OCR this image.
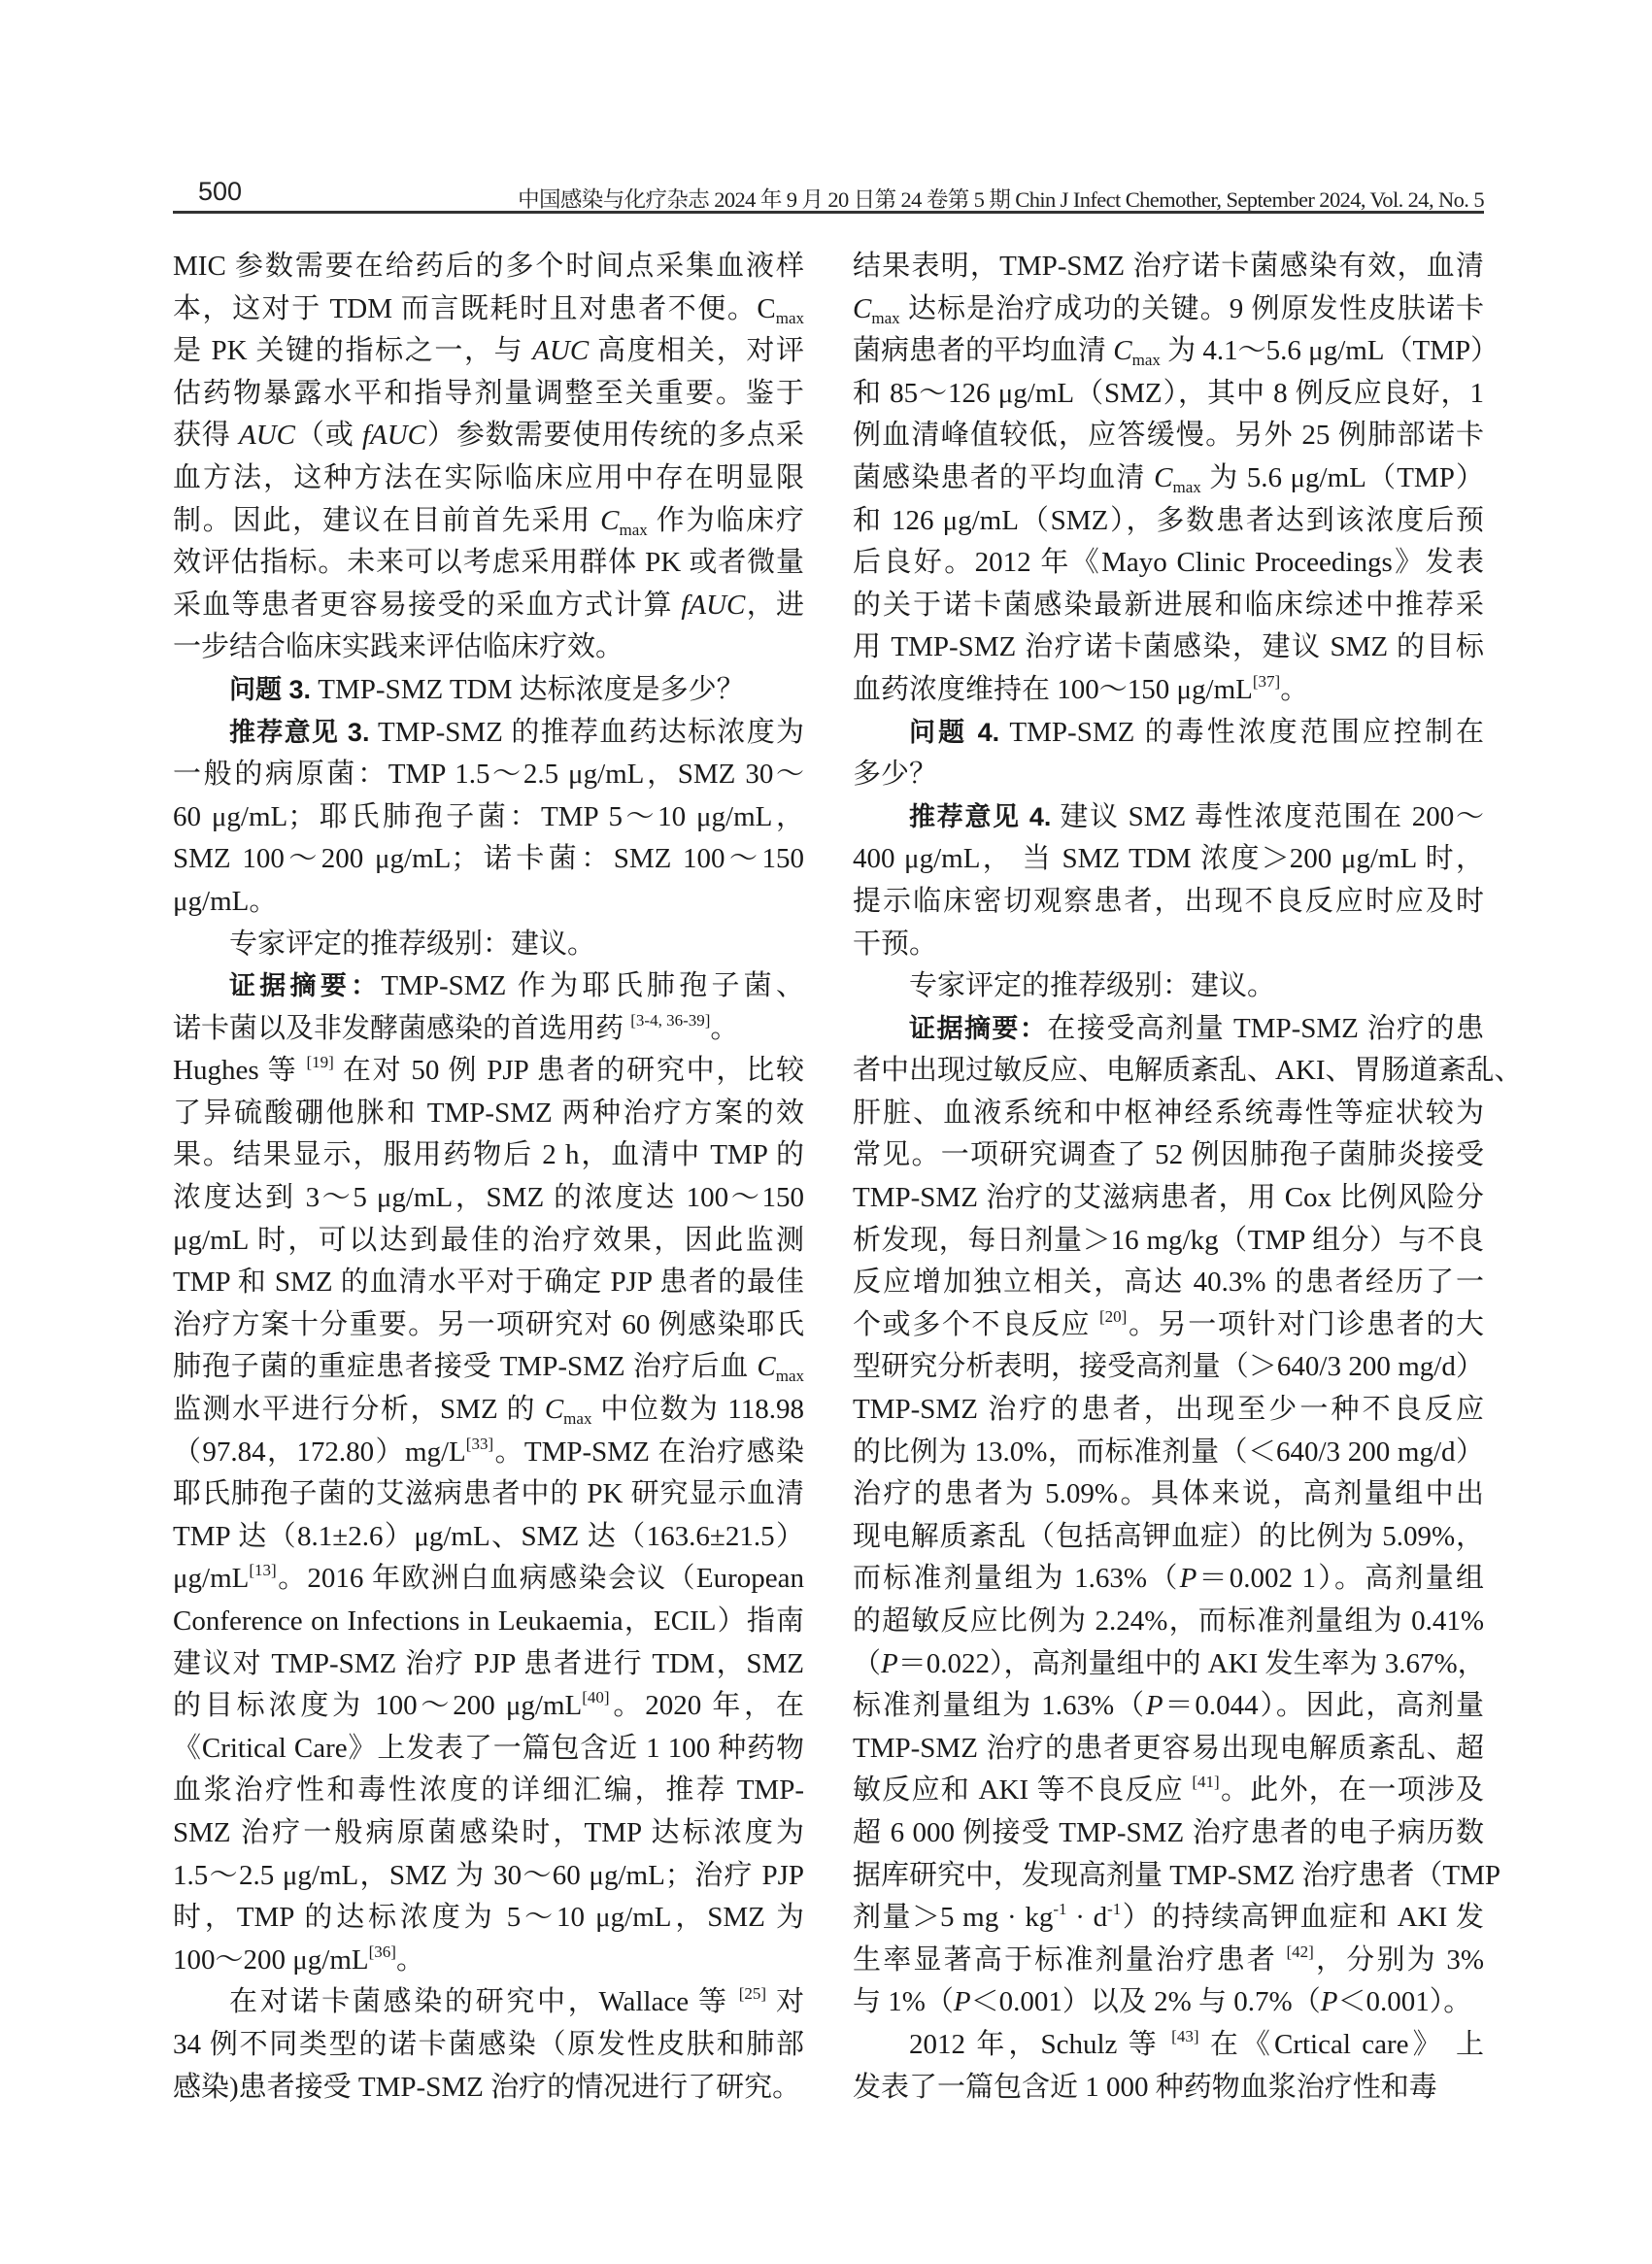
500	中国感染与化疗杂志 2024 年 9 月 20 日第 24 卷第 5 期 Chin J Infect Chemother, September 2024, Vol. 24, No. 5
MIC 参数需要在给药后的多个时间点采集血液样
本，这对于 TDM 而言既耗时且对患者不便。$C_{max}$
是 PK 关键的指标之一，与 AUC 高度相关，对评
估药物暴露水平和指导剂量调整至关重要。鉴于
获得 AUC（或 fAUC）参数需要使用传统的多点采
血方法，这种方法在实际临床应用中存在明显限
制。因此，建议在目前首先采用 $C_{max}$ 作为临床疗
效评估指标。未来可以考虑采用群体 PK 或者微量
采血等患者更容易接受的采血方式计算 fAUC，进
一步结合临床实践来评估临床疗效。
问题 3. TMP-SMZ TDM 达标浓度是多少？
推荐意见 3. TMP-SMZ 的推荐血药达标浓度为
一般的病原菌：TMP 1.5～2.5 μg/mL，SMZ 30～
60 μg/mL；耶氏肺孢子菌：TMP 5～10 μg/mL，
SMZ 100～200 μg/mL；诺卡菌：SMZ 100～150
μg/mL。
专家评定的推荐级别：建议。
证据摘要：TMP-SMZ 作为耶氏肺孢子菌、
诺卡菌以及非发酵菌感染的首选用药 [3-4, 36-39]。
Hughes 等 [19] 在对 50 例 PJP 患者的研究中，比较
了异硫酸硼他脒和 TMP-SMZ 两种治疗方案的效
果。结果显示，服用药物后 2 h，血清中 TMP 的
浓度达到 3～5 μg/mL，SMZ 的浓度达 100～150
μg/mL 时，可以达到最佳的治疗效果，因此监测
TMP 和 SMZ 的血清水平对于确定 PJP 患者的最佳
治疗方案十分重要。另一项研究对 60 例感染耶氏
肺孢子菌的重症患者接受 TMP-SMZ 治疗后血 $C_{max}$
监测水平进行分析，SMZ 的 $C_{max}$ 中位数为 118.98
（97.84，172.80）mg/L[33]。TMP-SMZ 在治疗感染
耶氏肺孢子菌的艾滋病患者中的 PK 研究显示血清
TMP 达（8.1±2.6）μg/mL、SMZ 达（163.6±21.5）
μg/mL[13]。2016 年欧洲白血病感染会议（European
Conference on Infections in Leukaemia，ECIL）指南
建议对 TMP-SMZ 治疗 PJP 患者进行 TDM，SMZ
的目标浓度为 100～200 μg/mL[40]。2020 年，在
《Critical Care》上发表了一篇包含近 1 100 种药物
血浆治疗性和毒性浓度的详细汇编，推荐 TMP-
SMZ 治疗一般病原菌感染时，TMP 达标浓度为
1.5～2.5 μg/mL，SMZ 为 30～60 μg/mL；治疗 PJP
时，TMP 的达标浓度为 5～10 μg/mL，SMZ 为
100～200 μg/mL[36]。
在对诺卡菌感染的研究中，Wallace 等 [25] 对
34 例不同类型的诺卡菌感染（原发性皮肤和肺部
感染)患者接受 TMP-SMZ 治疗的情况进行了研究。
结果表明，TMP-SMZ 治疗诺卡菌感染有效，血清
$C_{max}$ 达标是治疗成功的关键。9 例原发性皮肤诺卡
菌病患者的平均血清 $C_{max}$ 为 4.1～5.6 μg/mL（TMP）
和 85～126 μg/mL（SMZ），其中 8 例反应良好，1
例血清峰值较低，应答缓慢。另外 25 例肺部诺卡
菌感染患者的平均血清 $C_{max}$ 为 5.6 μg/mL（TMP）
和 126 μg/mL（SMZ），多数患者达到该浓度后预
后良好。2012 年《Mayo Clinic Proceedings》发表
的关于诺卡菌感染最新进展和临床综述中推荐采
用 TMP-SMZ 治疗诺卡菌感染，建议 SMZ 的目标
血药浓度维持在 100～150 μg/mL[37]。
问题 4. TMP-SMZ 的毒性浓度范围应控制在
多少？
推荐意见 4. 建议 SMZ 毒性浓度范围在 200～
400 μg/mL， 当 SMZ TDM 浓度＞200 μg/mL 时，
提示临床密切观察患者，出现不良反应时应及时
干预。
专家评定的推荐级别：建议。
证据摘要：在接受高剂量 TMP-SMZ 治疗的患
者中出现过敏反应、电解质紊乱、AKI、胃肠道紊乱、
肝脏、血液系统和中枢神经系统毒性等症状较为
常见。一项研究调查了 52 例因肺孢子菌肺炎接受
TMP-SMZ 治疗的艾滋病患者，用 Cox 比例风险分
析发现，每日剂量＞16 mg/kg（TMP 组分）与不良
反应增加独立相关，高达 40.3% 的患者经历了一
个或多个不良反应 [20]。另一项针对门诊患者的大
型研究分析表明，接受高剂量（＞640/3 200 mg/d）
TMP-SMZ 治疗的患者，出现至少一种不良反应
的比例为 13.0%，而标准剂量（＜640/3 200 mg/d）
治疗的患者为 5.09%。具体来说，高剂量组中出
现电解质紊乱（包括高钾血症）的比例为 5.09%，
而标准剂量组为 1.63%（P＝0.002 1）。高剂量组
的超敏反应比例为 2.24%，而标准剂量组为 0.41%
（P＝0.022），高剂量组中的 AKI 发生率为 3.67%，
标准剂量组为 1.63%（P＝0.044）。因此，高剂量
TMP-SMZ 治疗的患者更容易出现电解质紊乱、超
敏反应和 AKI 等不良反应 [41]。此外，在一项涉及
超 6 000 例接受 TMP-SMZ 治疗患者的电子病历数
据库研究中，发现高剂量 TMP-SMZ 治疗患者（TMP
剂量＞5 mg · $kg^{-1} \cdot d^{-1}$）的持续高钾血症和 AKI 发
生率显著高于标准剂量治疗患者 [42]，分别为 3%
与 1%（P＜0.001）以及 2% 与 0.7%（P＜0.001）。
2012 年，Schulz 等 [43] 在《Crtical care》 上
发表了一篇包含近 1 000 种药物血浆治疗性和毒
